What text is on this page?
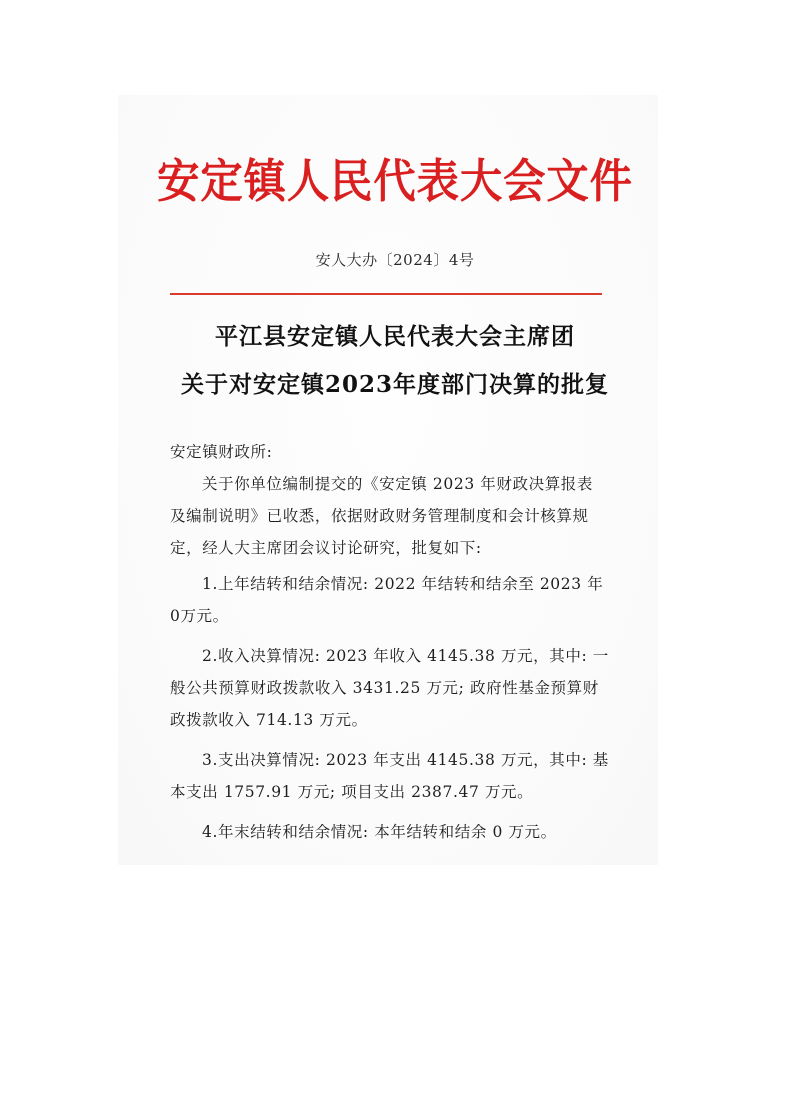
安定镇人民代表大会文件
安人大办〔2024〕4号
平江县安定镇人民代表大会主席团
关于对安定镇2023年度部门决算的批复
安定镇财政所:
关于你单位编制提交的《安定镇 2023 年财政决算报表
及编制说明》已收悉，依据财政财务管理制度和会计核算规
定，经人大主席团会议讨论研究，批复如下:
1.上年结转和结余情况: 2022 年结转和结余至 2023 年
0万元。
2.收入决算情况: 2023 年收入 4145.38 万元，其中: 一
般公共预算财政拨款收入 3431.25 万元; 政府性基金预算财
政拨款收入 714.13 万元。
3.支出决算情况: 2023 年支出 4145.38 万元，其中: 基
本支出 1757.91 万元; 项目支出 2387.47 万元。
4.年末结转和结余情况: 本年结转和结余 0 万元。
